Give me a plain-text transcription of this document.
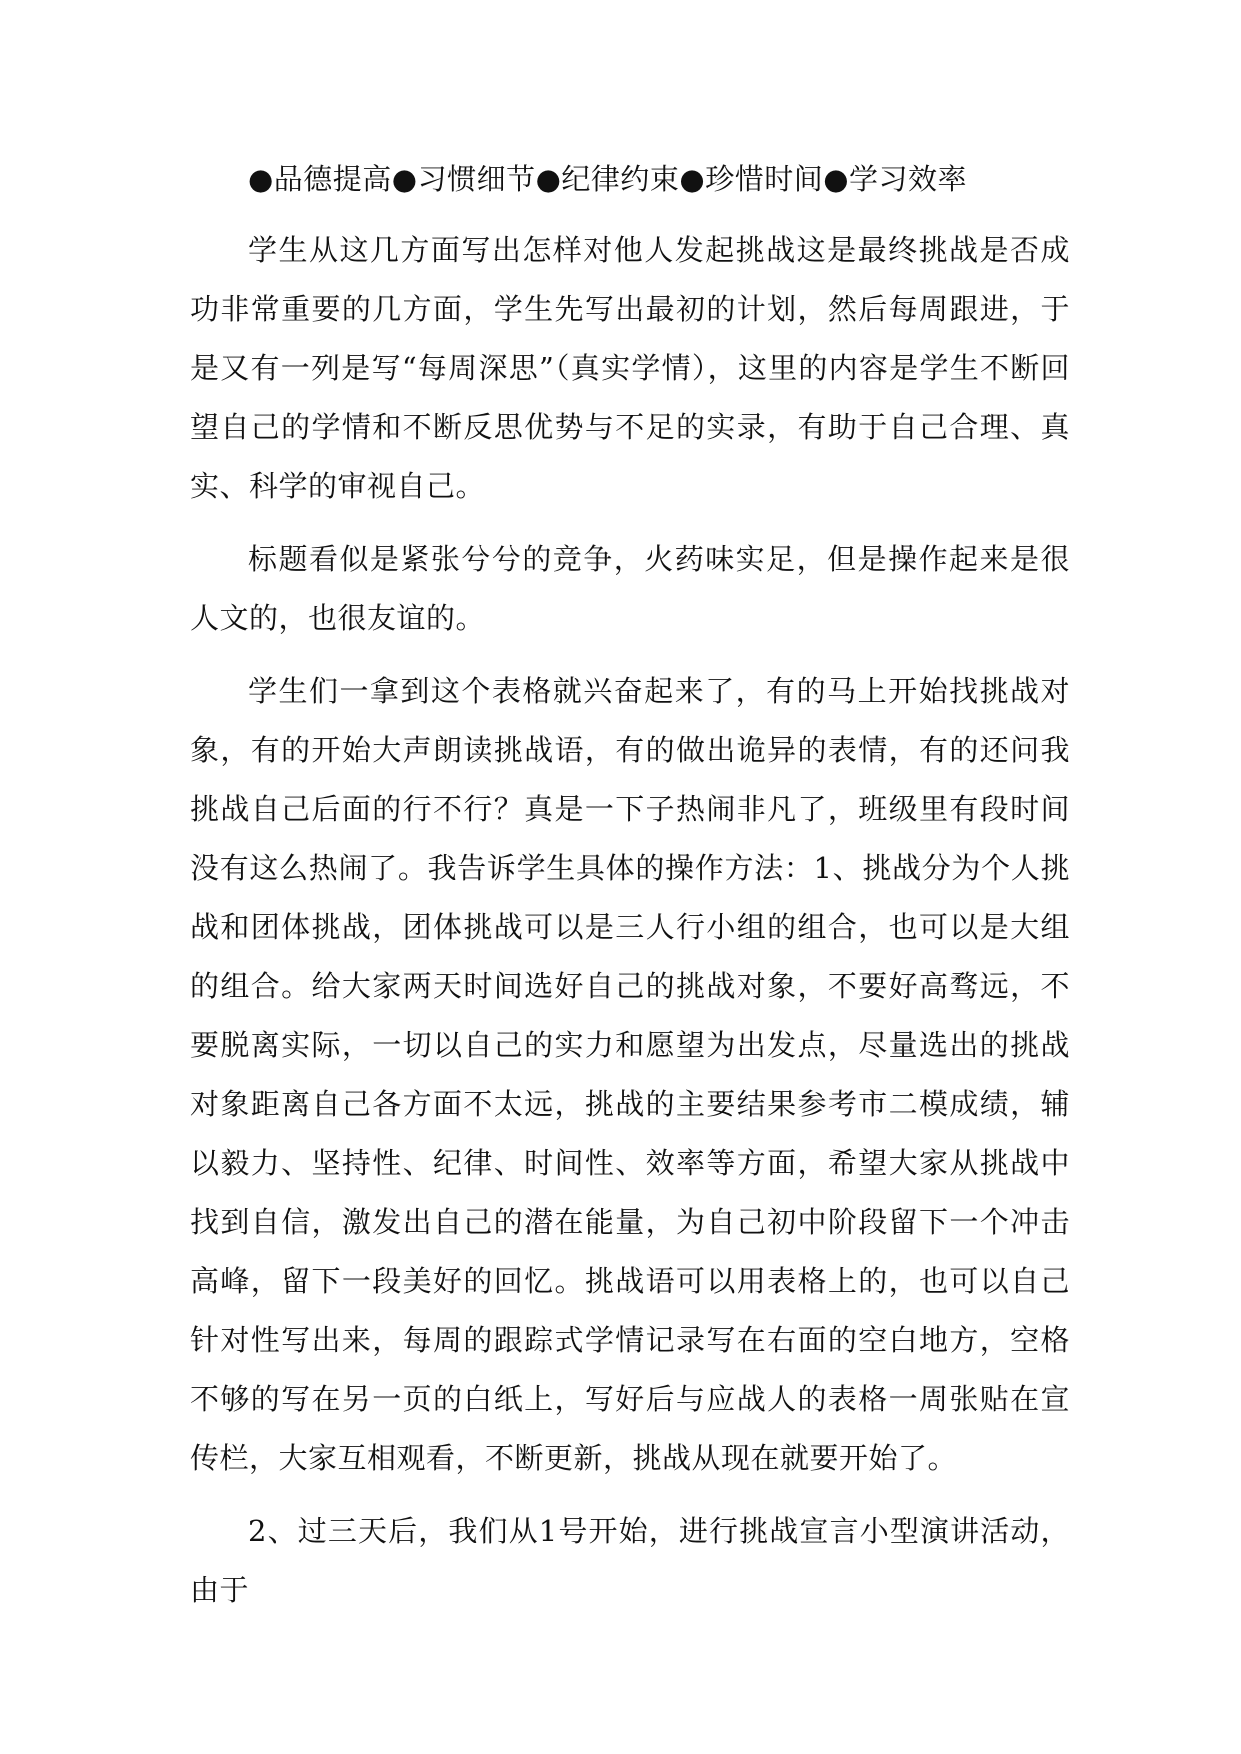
●品德提高●习惯细节●纪律约束●珍惜时间●学习效率

学生从这几方面写出怎样对他人发起挑战这是最终挑战是否成功非常重要的几方面，学生先写出最初的计划，然后每周跟进，于是又有一列是写“每周深思”（真实学情），这里的内容是学生不断回望自己的学情和不断反思优势与不足的实录，有助于自己合理、真实、科学的审视自己。

标题看似是紧张兮兮的竞争，火药味实足，但是操作起来是很人文的，也很友谊的。

学生们一拿到这个表格就兴奋起来了，有的马上开始找挑战对象，有的开始大声朗读挑战语，有的做出诡异的表情，有的还问我挑战自己后面的行不行？真是一下子热闹非凡了，班级里有段时间没有这么热闹了。我告诉学生具体的操作方法：1、挑战分为个人挑战和团体挑战，团体挑战可以是三人行小组的组合，也可以是大组的组合。给大家两天时间选好自己的挑战对象，不要好高骛远，不要脱离实际，一切以自己的实力和愿望为出发点，尽量选出的挑战对象距离自己各方面不太远，挑战的主要结果参考市二模成绩，辅以毅力、坚持性、纪律、时间性、效率等方面，希望大家从挑战中找到自信，激发出自己的潜在能量，为自己初中阶段留下一个冲击高峰，留下一段美好的回忆。挑战语可以用表格上的，也可以自己针对性写出来，每周的跟踪式学情记录写在右面的空白地方，空格不够的写在另一页的白纸上，写好后与应战人的表格一周张贴在宣传栏，大家互相观看，不断更新，挑战从现在就要开始了。

2、过三天后，我们从1号开始，进行挑战宣言小型演讲活动，由于
